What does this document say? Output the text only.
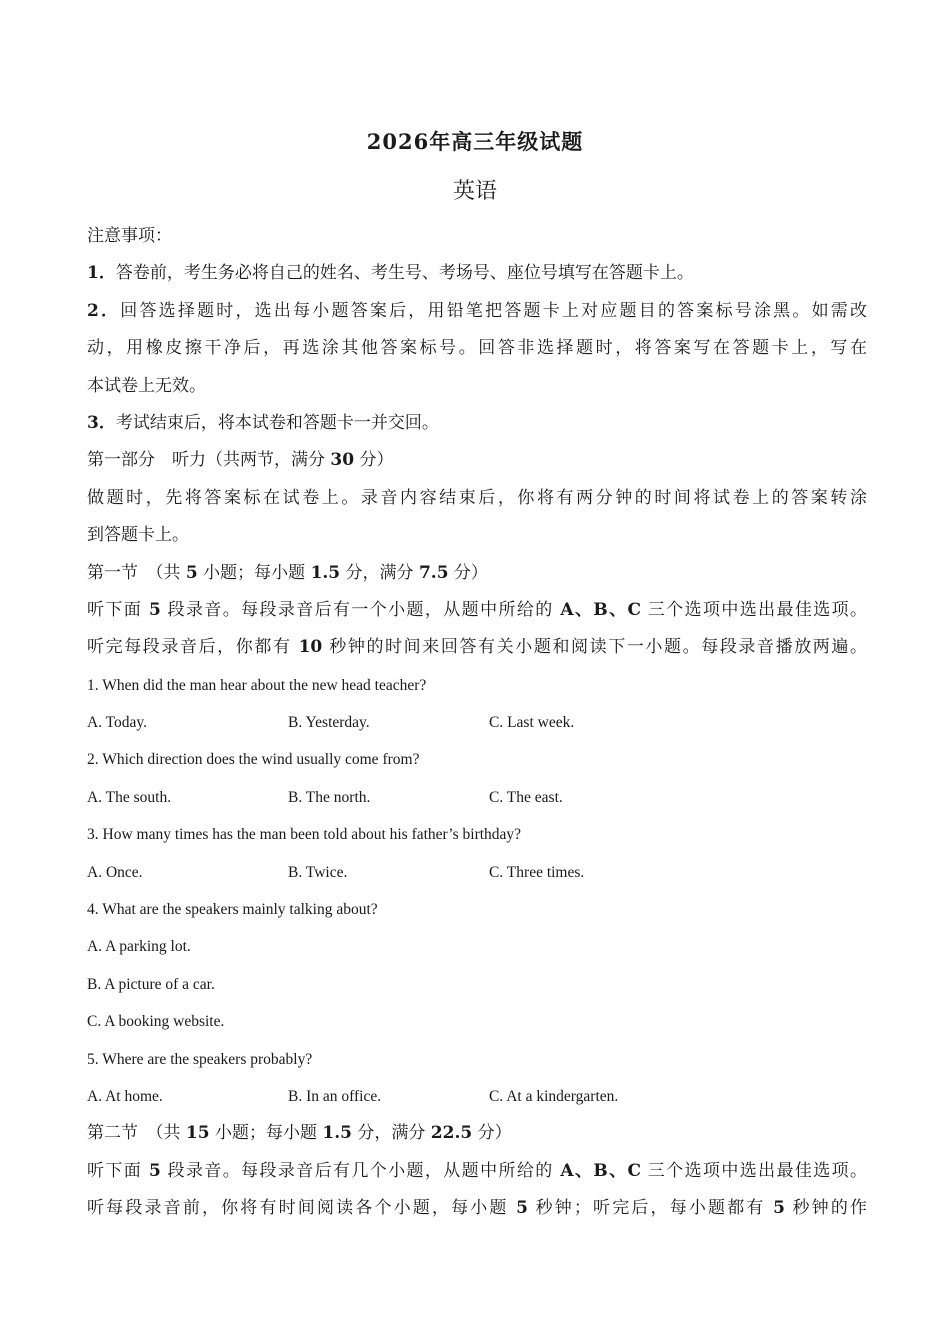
2026年高三年级试题
英语
注意事项：
1．答卷前，考生务必将自己的姓名、考生号、考场号、座位号填写在答题卡上。
2．回答选择题时，选出每小题答案后，用铅笔把答题卡上对应题目的答案标号涂黑。如需改
动，用橡皮擦干净后，再选涂其他答案标号。回答非选择题时，将答案写在答题卡上，写在
本试卷上无效。
3．考试结束后，将本试卷和答题卡一并交回。
第一部分　听力（共两节，满分 30 分）
做题时，先将答案标在试卷上。录音内容结束后，你将有两分钟的时间将试卷上的答案转涂
到答题卡上。
第一节　（共 5 小题；每小题 1.5 分，满分 7.5 分）
听下面 5 段录音。每段录音后有一个小题，从题中所给的 A、B、C 三个选项中选出最佳选项。
听完每段录音后，你都有 10 秒钟的时间来回答有关小题和阅读下一小题。每段录音播放两遍。
1. When did the man hear about the new head teacher?
A. Today.	B. Yesterday.	C. Last week.
2. Which direction does the wind usually come from?
A. The south.	B. The north.	C. The east.
3. How many times has the man been told about his father’s birthday?
A. Once.	B. Twice.	C. Three times.
4. What are the speakers mainly talking about?
A. A parking lot.
B. A picture of a car.
C. A booking website.
5. Where are the speakers probably?
A. At home.	B. In an office.	C. At a kindergarten.
第二节　（共 15 小题；每小题 1.5 分，满分 22.5 分）
听下面 5 段录音。每段录音后有几个小题，从题中所给的 A、B、C 三个选项中选出最佳选项。
听每段录音前，你将有时间阅读各个小题，每小题 5 秒钟；听完后，每小题都有 5 秒钟的作
